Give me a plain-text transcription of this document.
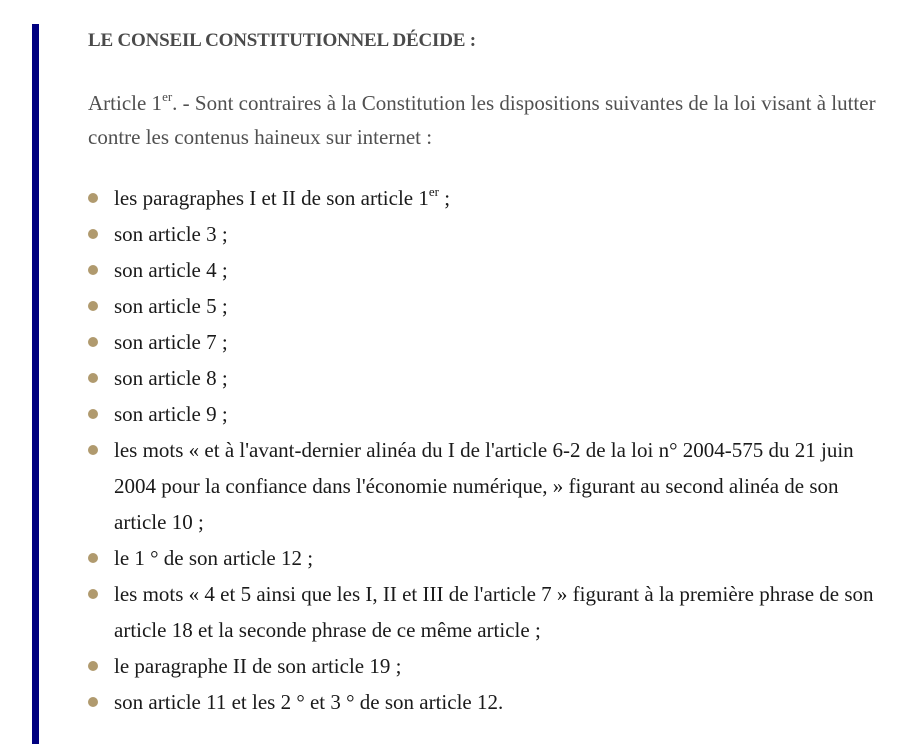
LE CONSEIL CONSTITUTIONNEL DÉCIDE :

Article 1er. - Sont contraires à la Constitution les dispositions suivantes de la loi visant à lutter contre les contenus haineux sur internet :

les paragraphes I et II de son article 1er ;
son article 3 ;
son article 4 ;
son article 5 ;
son article 7 ;
son article 8 ;
son article 9 ;
les mots « et à l'avant-dernier alinéa du I de l'article 6-2 de la loi n° 2004-575 du 21 juin 2004 pour la confiance dans l'économie numérique, » figurant au second alinéa de son article 10 ;
le 1 ° de son article 12 ;
les mots « 4 et 5 ainsi que les I, II et III de l'article 7 » figurant à la première phrase de son article 18 et la seconde phrase de ce même article ;
le paragraphe II de son article 19 ;
son article 11 et les 2 ° et 3 ° de son article 12.
